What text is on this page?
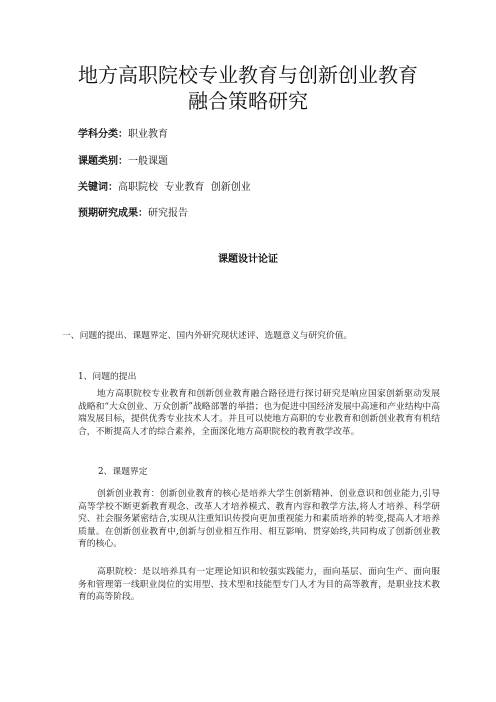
地方高职院校专业教育与创新创业教育
融合策略研究
学科分类：职业教育
课题类别：一般课题
关键词：高职院校  专业教育  创新创业
预期研究成果：研究报告
课题设计论证
一、问题的提出、课题界定、国内外研究现状述评、选题意义与研究价值。
1、问题的提出
地方高职院校专业教育和创新创业教育融合路径进行探讨研究是响应国家创新驱动发展战略和“大众创业、万众创新”战略部署的举措；也为促进中国经济发展中高速和产业结构中高端发展目标，提供优秀专业技术人才。并且可以使地方高职的专业教育和创新创业教育有机结合，不断提高人才的综合素养，全面深化地方高职院校的教育教学改革。
2、课题界定
创新创业教育：创新创业教育的核心是培养大学生创新精神、创业意识和创业能力,引导高等学校不断更新教育观念、改革人才培养模式、教育内容和教学方法,将人才培养、科学研究、社会服务紧密结合,实现从注重知识传授向更加重视能力和素质培养的转变,提高人才培养质量。在创新创业教育中,创新与创业相互作用、相互影响、贯穿始终,共同构成了创新创业教育的核心。
高职院校：是以培养具有一定理论知识和较强实践能力，面向基层、面向生产、面向服务和管理第一线职业岗位的实用型、技术型和技能型专门人才为目的高等教育，是职业技术教育的高等阶段。
